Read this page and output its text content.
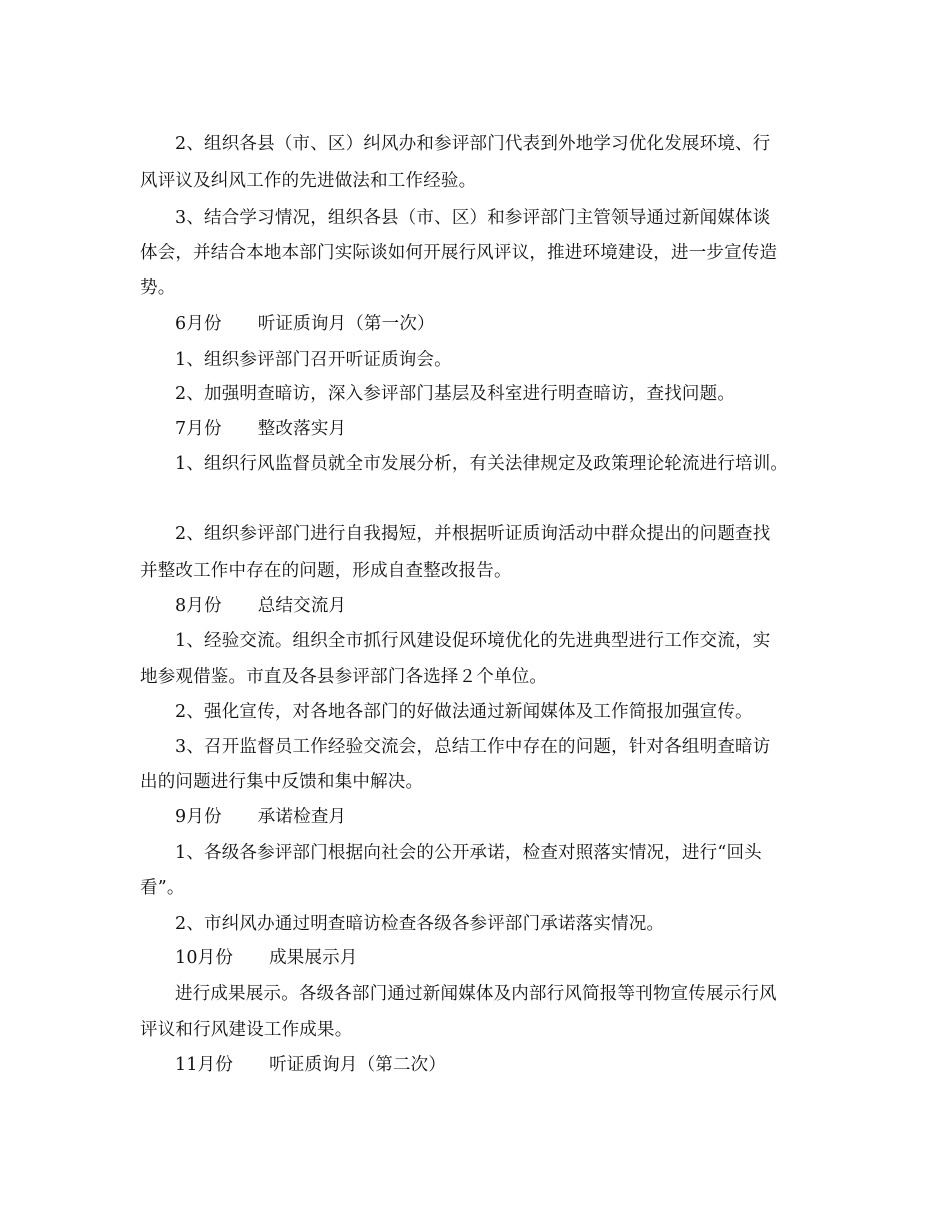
2、组织各县（市、区）纠风办和参评部门代表到外地学习优化发展环境、行
风评议及纠风工作的先进做法和工作经验。
3、结合学习情况，组织各县（市、区）和参评部门主管领导通过新闻媒体谈
体会，并结合本地本部门实际谈如何开展行风评议，推进环境建设，进一步宣传造
势。
6月份 听证质询月（第一次）
1、组织参评部门召开听证质询会。
2、加强明查暗访，深入参评部门基层及科室进行明查暗访，查找问题。
7月份 整改落实月
1、组织行风监督员就全市发展分析，有关法律规定及政策理论轮流进行培训。
2、组织参评部门进行自我揭短，并根据听证质询活动中群众提出的问题查找
并整改工作中存在的问题，形成自查整改报告。
8月份 总结交流月
1、经验交流。组织全市抓行风建设促环境优化的先进典型进行工作交流，实
地参观借鉴。市直及各县参评部门各选择２个单位。
2、强化宣传，对各地各部门的好做法通过新闻媒体及工作简报加强宣传。
3、召开监督员工作经验交流会，总结工作中存在的问题，针对各组明查暗访
出的问题进行集中反馈和集中解决。
9月份 承诺检查月
1、各级各参评部门根据向社会的公开承诺，检查对照落实情况，进行“回头
看”。
2、市纠风办通过明查暗访检查各级各参评部门承诺落实情况。
10月份 成果展示月
进行成果展示。各级各部门通过新闻媒体及内部行风简报等刊物宣传展示行风
评议和行风建设工作成果。
11月份 听证质询月（第二次）
